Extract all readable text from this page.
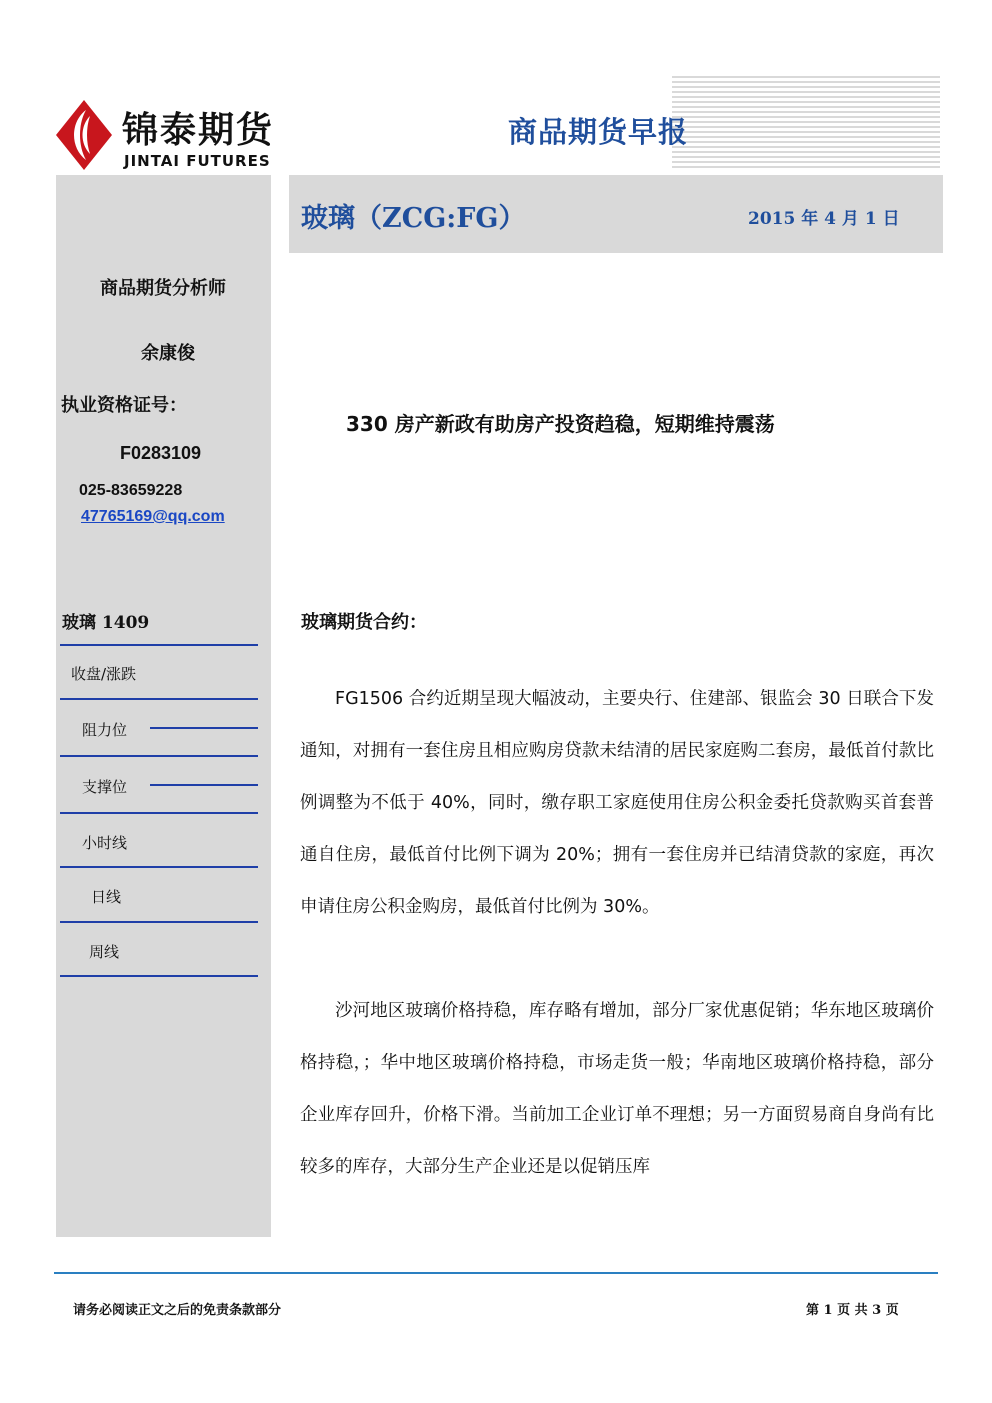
锦泰期货
JINTAI FUTURES
商品期货早报
玻璃（ZCG:FG）	2015 年 4 月 1 日
商品期货分析师
余康俊
执业资格证号：
F0283109
025-83659228
47765169@qq.com
玻璃 1409
收盘/涨跌
阻力位
支撑位
小时线
日线
周线
330 房产新政有助房产投资趋稳，短期维持震荡
玻璃期货合约：

FG1506 合约近期呈现大幅波动，主要央行、住建部、银监会 30 日联合下发通知，对拥有一套住房且相应购房贷款未结清的居民家庭购二套房，最低首付款比例调整为不低于 40%，同时，缴存职工家庭使用住房公积金委托贷款购买首套普通自住房，最低首付比例下调为 20%；拥有一套住房并已结清贷款的家庭，再次申请住房公积金购房，最低首付比例为 30%。

沙河地区玻璃价格持稳，库存略有增加，部分厂家优惠促销；华东地区玻璃价格持稳，；华中地区玻璃价格持稳，市场走货一般；华南地区玻璃价格持稳，部分企业库存回升，价格下滑。当前加工企业订单不理想；另一方面贸易商自身尚有比较多的库存，大部分生产企业还是以促销压库

请务必阅读正文之后的免责条款部分	第 1 页 共 3 页
